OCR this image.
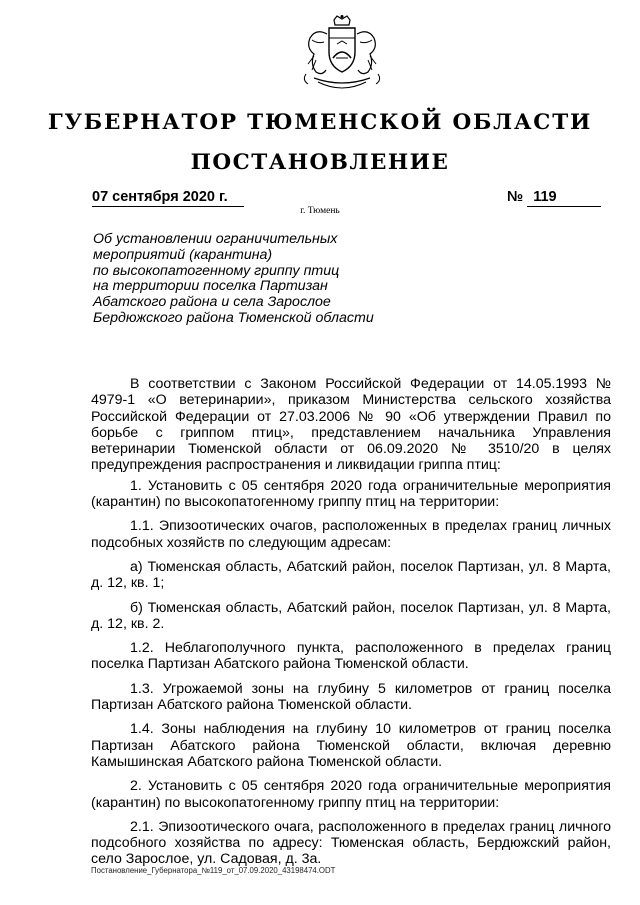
ГУБЕРНАТОР ТЮМЕНСКОЙ ОБЛАСТИ
ПОСТАНОВЛЕНИЕ
07 сентября 2020 г.	№ 119
г. Тюмень
Об установлении ограничительных
мероприятий (карантина)
по высокопатогенному гриппу птиц
на территории поселка Партизан
Абатского района и села Зарослое
Бердюжского района Тюменской области

В соответствии с Законом Российской Федерации от 14.05.1993 № 4979-1 «О ветеринарии», приказом Министерства сельского хозяйства Российской Федерации от 27.03.2006 № 90 «Об утверждении Правил по борьбе с гриппом птиц», представлением начальника Управления ветеринарии Тюменской области от 06.09.2020 № 3510/20 в целях предупреждения распространения и ликвидации гриппа птиц:

1. Установить с 05 сентября 2020 года ограничительные мероприятия (карантин) по высокопатогенному гриппу птиц на территории:

1.1. Эпизоотических очагов, расположенных в пределах границ личных подсобных хозяйств по следующим адресам:

а) Тюменская область, Абатский район, поселок Партизан, ул. 8 Марта, д. 12, кв. 1;

б) Тюменская область, Абатский район, поселок Партизан, ул. 8 Марта, д. 12, кв. 2.

1.2. Неблагополучного пункта, расположенного в пределах границ поселка Партизан Абатского района Тюменской области.

1.3. Угрожаемой зоны на глубину 5 километров от границ поселка Партизан Абатского района Тюменской области.

1.4. Зоны наблюдения на глубину 10 километров от границ поселка Партизан Абатского района Тюменской области, включая деревню Камышинская Абатского района Тюменской области.

2. Установить с 05 сентября 2020 года ограничительные мероприятия (карантин) по высокопатогенному гриппу птиц на территории:

2.1. Эпизоотического очага, расположенного в пределах границ личного подсобного хозяйства по адресу: Тюменская область, Бердюжский район, село Зарослое, ул. Садовая, д. 3а.

Постановление_Губернатора_№119_от_07.09.2020_43198474.ODT
